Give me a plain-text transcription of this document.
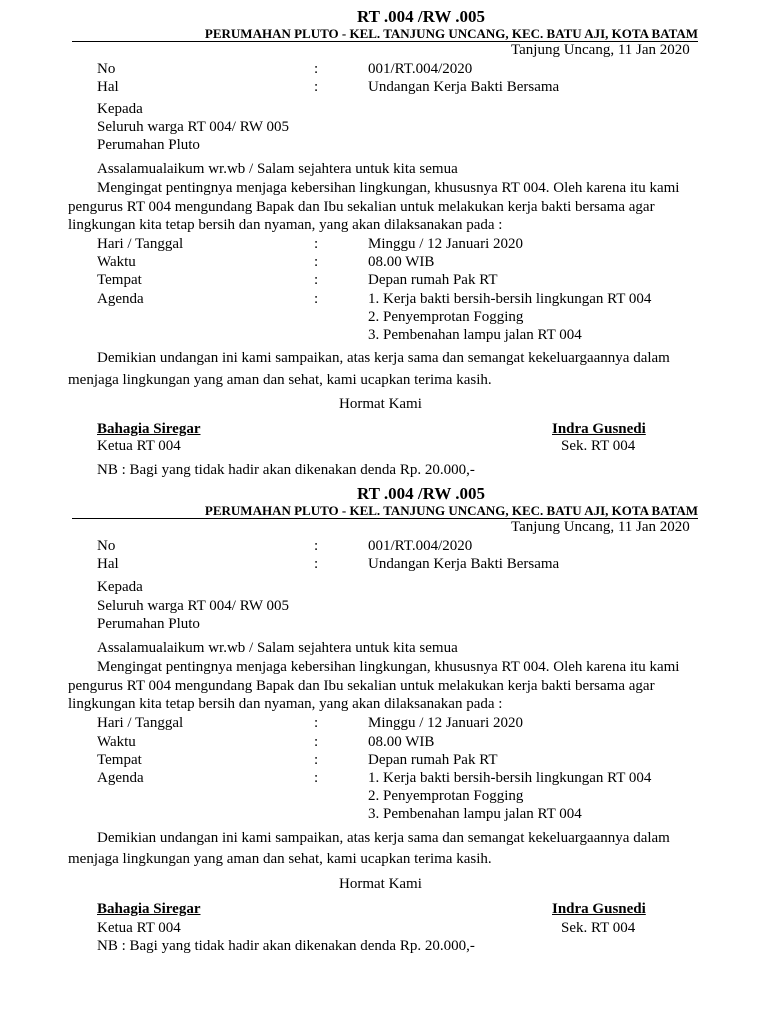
RT .004 /RW .005
PERUMAHAN PLUTO - KEL. TANJUNG UNCANG, KEC. BATU AJI, KOTA BATAM
Tanjung Uncang, 11 Jan 2020
No	:	001/RT.004/2020
Hal	:	Undangan Kerja Bakti Bersama
Kepada
Seluruh warga RT 004/ RW 005
Perumahan Pluto
Assalamualaikum wr.wb / Salam sejahtera untuk kita semua
Mengingat pentingnya menjaga kebersihan lingkungan, khususnya RT 004. Oleh karena itu kami
pengurus RT 004 mengundang Bapak dan Ibu sekalian untuk melakukan kerja bakti bersama agar
lingkungan kita tetap bersih dan nyaman, yang akan dilaksanakan pada :
Hari / Tanggal	:	Minggu / 12 Januari 2020
Waktu	:	08.00 WIB
Tempat	:	Depan rumah Pak RT
Agenda	:	1. Kerja bakti bersih-bersih lingkungan RT 004
2. Penyemprotan Fogging
3. Pembenahan lampu jalan RT 004
Demikian undangan ini kami sampaikan, atas kerja sama dan semangat kekeluargaannya dalam
menjaga lingkungan yang aman dan sehat, kami ucapkan terima kasih.
Hormat Kami
Bahagia Siregar
Ketua RT 004
Indra Gusnedi
Sek. RT 004
NB : Bagi yang tidak hadir akan dikenakan denda Rp. 20.000,-
RT .004 /RW .005
PERUMAHAN PLUTO - KEL. TANJUNG UNCANG, KEC. BATU AJI, KOTA BATAM
Tanjung Uncang, 11 Jan 2020
No	:	001/RT.004/2020
Hal	:	Undangan Kerja Bakti Bersama
Kepada
Seluruh warga RT 004/ RW 005
Perumahan Pluto
Assalamualaikum wr.wb / Salam sejahtera untuk kita semua
Mengingat pentingnya menjaga kebersihan lingkungan, khususnya RT 004. Oleh karena itu kami
pengurus RT 004 mengundang Bapak dan Ibu sekalian untuk melakukan kerja bakti bersama agar
lingkungan kita tetap bersih dan nyaman, yang akan dilaksanakan pada :
Hari / Tanggal	:	Minggu / 12 Januari 2020
Waktu	:	08.00 WIB
Tempat	:	Depan rumah Pak RT
Agenda	:	1. Kerja bakti bersih-bersih lingkungan RT 004
2. Penyemprotan Fogging
3. Pembenahan lampu jalan RT 004
Demikian undangan ini kami sampaikan, atas kerja sama dan semangat kekeluargaannya dalam
menjaga lingkungan yang aman dan sehat, kami ucapkan terima kasih.
Hormat Kami
Bahagia Siregar
Ketua RT 004
Indra Gusnedi
Sek. RT 004
NB : Bagi yang tidak hadir akan dikenakan denda Rp. 20.000,-
